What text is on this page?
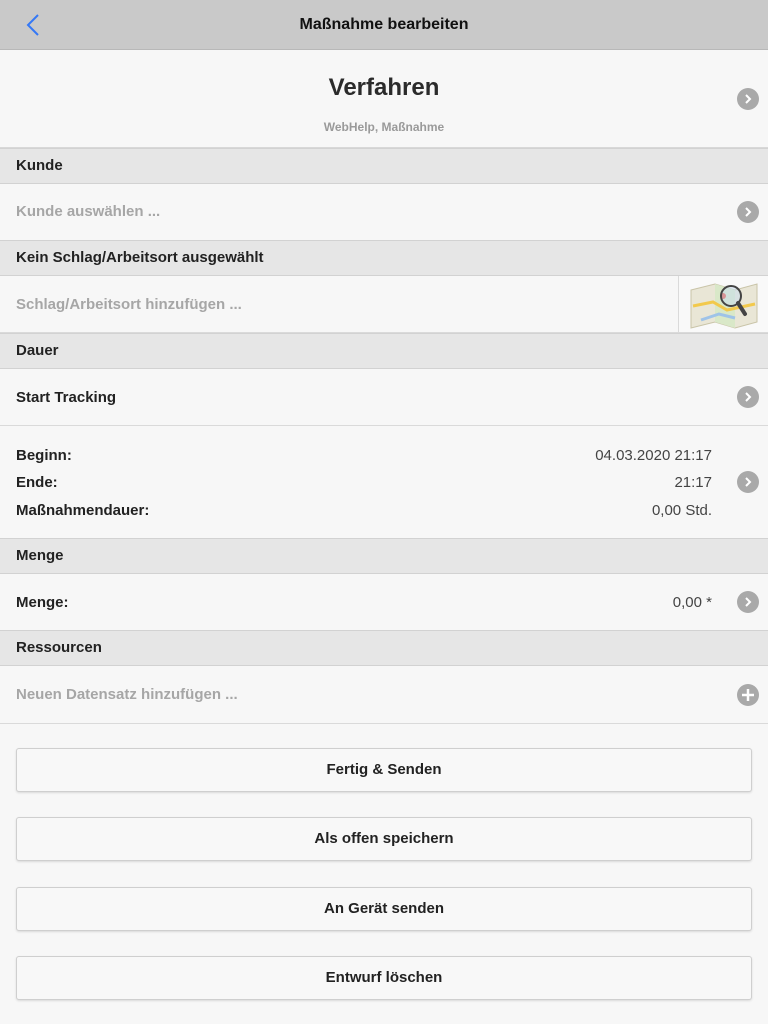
Maßnahme bearbeiten
Verfahren
WebHelp, Maßnahme
Kunde
Kunde auswählen ...
Kein Schlag/Arbeitsort ausgewählt
Schlag/Arbeitsort hinzufügen ...
Dauer
Start Tracking
Beginn:	04.03.2020 21:17
Ende:	21:17
Maßnahmendauer:	0,00 Std.
Menge
Menge:	0,00 *
Ressourcen
Neuen Datensatz hinzufügen ...
Fertig & Senden
Als offen speichern
An Gerät senden
Entwurf löschen
